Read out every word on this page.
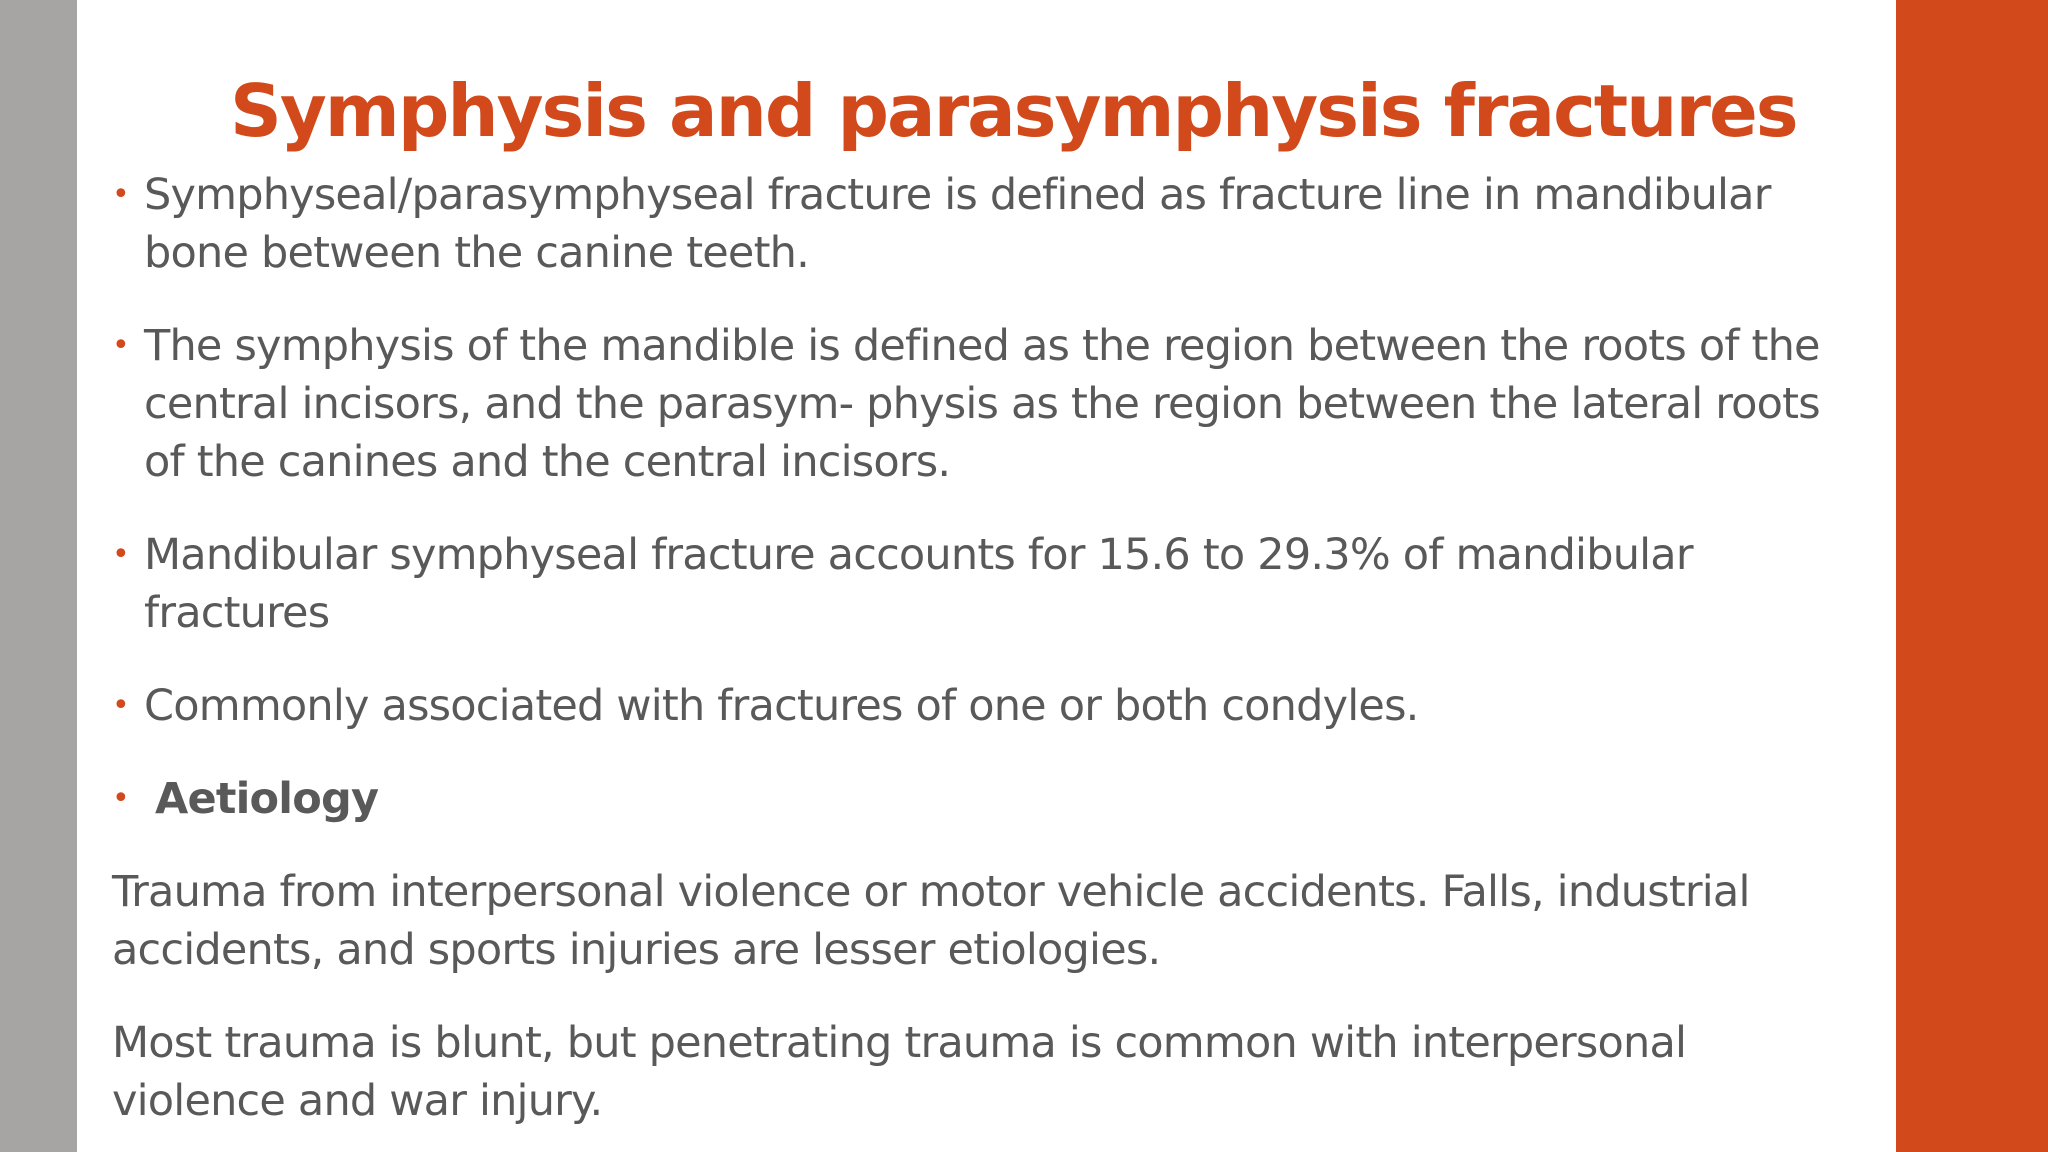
Symphysis and parasymphysis fractures
• Symphyseal/parasymphyseal fracture is defined as fracture line in mandibular bone between the canine teeth.
• The symphysis of the mandible is defined as the region between the roots of the central incisors, and the parasym- physis as the region between the lateral roots of the canines and the central incisors.
• Mandibular symphyseal fracture accounts for 15.6 to 29.3% of mandibular fractures
• Commonly associated with fractures of one or both condyles.
• Aetiology

Trauma from interpersonal violence or motor vehicle accidents. Falls, industrial accidents, and sports injuries are lesser etiologies.

Most trauma is blunt, but penetrating trauma is common with interpersonal violence and war injury.
